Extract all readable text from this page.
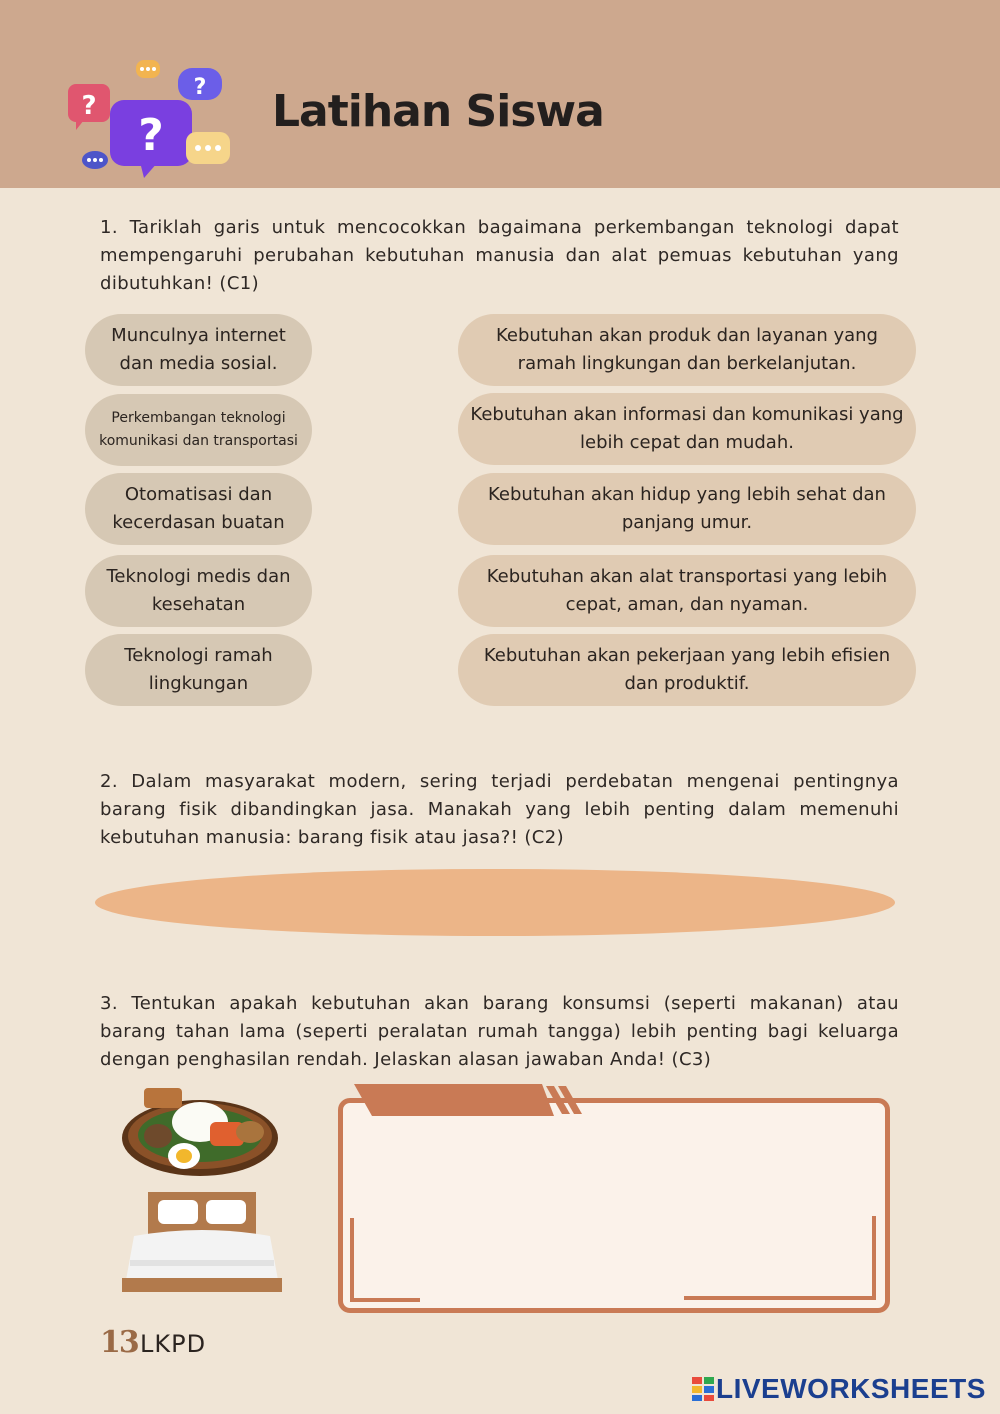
?
?
? Latihan Siswa
1. Tariklah garis untuk mencocokkan bagaimana perkembangan teknologi dapat mempengaruhi perubahan kebutuhan manusia dan alat pemuas kebutuhan yang dibutuhkan! (C1)
Munculnya internet dan media sosial.
Perkembangan teknologi komunikasi dan transportasi
Otomatisasi dan kecerdasan buatan
Teknologi medis dan kesehatan
Teknologi ramah lingkungan
Kebutuhan akan produk dan layanan yang ramah lingkungan dan berkelanjutan.
Kebutuhan akan informasi dan komunikasi yang lebih cepat dan mudah.
Kebutuhan akan hidup yang lebih sehat dan panjang umur.
Kebutuhan akan alat transportasi yang lebih cepat, aman, dan nyaman.
Kebutuhan akan pekerjaan yang lebih efisien dan produktif.
2. Dalam masyarakat modern, sering terjadi perdebatan mengenai pentingnya barang fisik dibandingkan jasa. Manakah yang lebih penting dalam memenuhi kebutuhan manusia: barang fisik atau jasa?! (C2)
3. Tentukan apakah kebutuhan akan barang konsumsi (seperti makanan) atau barang tahan lama (seperti peralatan rumah tangga) lebih penting bagi keluarga dengan penghasilan rendah. Jelaskan alasan jawaban Anda! (C3)
13 LKPD
LIVEWORKSHEETS
